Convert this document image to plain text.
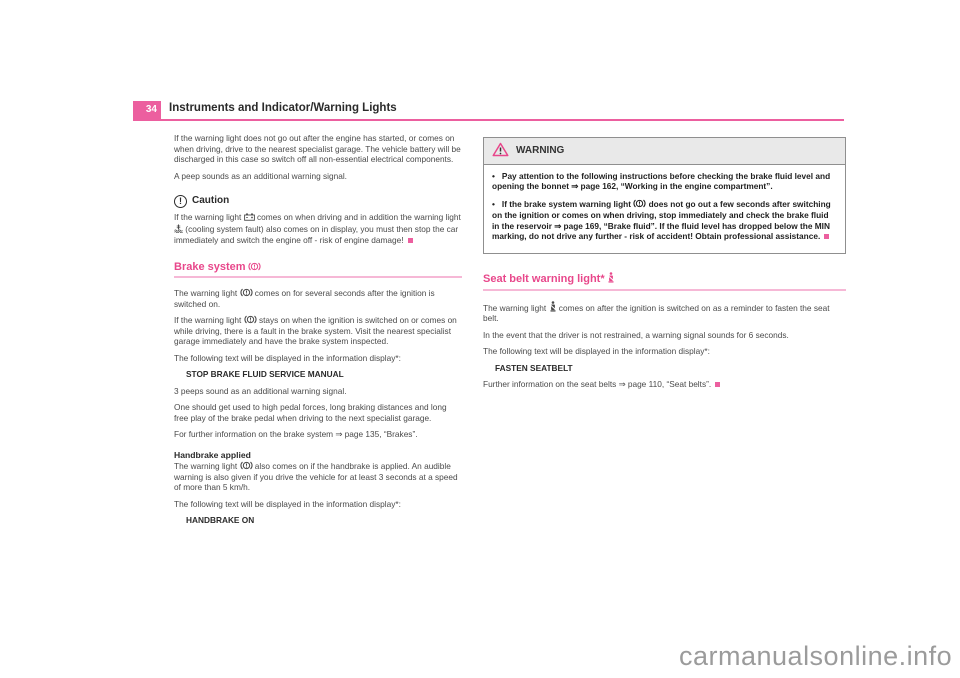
34	Instruments and Indicator/Warning Lights

If the warning light does not go out after the engine has started, or comes on when driving, drive to the nearest specialist garage. The vehicle battery will be discharged in this case so switch off all non-essential electrical components.

A peep sounds as an additional warning signal.

!	Caution

If the warning light  comes on when driving and in addition the warning light  (cooling system fault) also comes on in display, you must then stop the car immediately and switch the engine off - risk of engine damage!

Brake system

The warning light  comes on for several seconds after the ignition is switched on.

If the warning light  stays on when the ignition is switched on or comes on while driving, there is a fault in the brake system. Visit the nearest specialist garage immediately and have the brake system inspected.

The following text will be displayed in the information display*:

STOP BRAKE FLUID SERVICE MANUAL

3 peeps sound as an additional warning signal.

One should get used to high pedal forces, long braking distances and long free play of the brake pedal when driving to the next specialist garage.

For further information on the brake system ⇒ page 135, “Brakes”.

Handbrake applied

The warning light  also comes on if the handbrake is applied. An audible warning is also given if you drive the vehicle for at least 3 seconds at a speed of more than 5 km/h.

The following text will be displayed in the information display*:

HANDBRAKE ON

WARNING

• Pay attention to the following instructions before checking the brake fluid level and opening the bonnet ⇒ page 162, “Working in the engine compartment”.

• If the brake system warning light  does not go out a few seconds after switching on the ignition or comes on when driving, stop immediately and check the brake fluid in the reservoir ⇒ page 169, “Brake fluid”. If the fluid level has dropped below the MIN marking, do not drive any further - risk of accident! Obtain professional assistance.

Seat belt warning light*

The warning light  comes on after the ignition is switched on as a reminder to fasten the seat belt.

In the event that the driver is not restrained, a warning signal sounds for 6 seconds.

The following text will be displayed in the information display*:

FASTEN SEATBELT

Further information on the seat belts ⇒ page 110, “Seat belts”.

carmanualsonline.info
